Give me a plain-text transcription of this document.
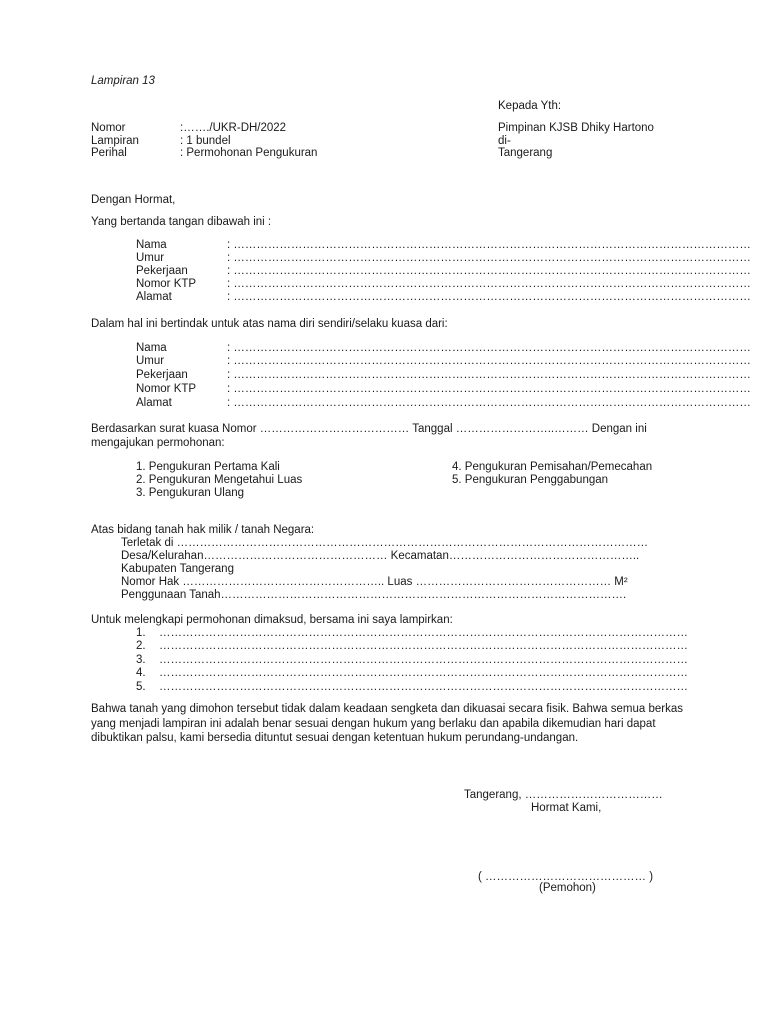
Lampiran 13
Kepada Yth:
Pimpinan KJSB Dhiky Hartono
di-
Tangerang
Nomor	:……./UKR-DH/2022
Lampiran	: 1 bundel
Perihal	: Permohonan Pengukuran
Dengan Hormat,
Yang bertanda tangan dibawah ini :
Nama	: ………………………………………………………………………………………………………………………
Umur	: ………………………………………………………………………………………………………………………
Pekerjaan	: ………………………………………………………………………………………………………………………
Nomor KTP	: ………………………………………………………………………………………………………………………
Alamat	: ………………………………………………………………………………………………………………………
Dalam hal ini bertindak untuk atas nama diri sendiri/selaku kuasa dari:
Nama	: ………………………………………………………………………………………………………………………
Umur	: ………………………………………………………………………………………………………………………
Pekerjaan	: ………………………………………………………………………………………………………………………
Nomor KTP	: ………………………………………………………………………………………………………………………
Alamat	: ………………………………………………………………………………………………………………………
Berdasarkan surat kuasa Nomor ………………………………… Tanggal ……………………..……… Dengan ini
mengajukan permohonan:
1. Pengukuran Pertama Kali
2. Pengukuran Mengetahui Luas
3. Pengukuran Ulang
4. Pengukuran Pemisahan/Pemecahan
5. Pengukuran Penggabungan
Atas bidang tanah hak milik / tanah Negara:
Terletak di ……………………………………………………………………………………………………………
Desa/Kelurahan………………………………………… Kecamatan…………………………………………..
Kabupaten Tangerang
Nomor Hak …………………………………………….. Luas …………………………………………… M²
Penggunaan Tanah…………………………………………………………………………………………….
Untuk melengkapi permohonan dimaksud, bersama ini saya lampirkan:
1. …………………………………………………………………………………………………………………………
2. …………………………………………………………………………………………………………………………
3. …………………………………………………………………………………………………………………………
4. …………………………………………………………………………………………………………………………
5. …………………………………………………………………………………………………………………………
Bahwa tanah yang dimohon tersebut tidak dalam keadaan sengketa dan dikuasai secara fisik. Bahwa semua berkas yang menjadi lampiran ini adalah benar sesuai dengan hukum yang berlaku dan apabila dikemudian hari dapat dibuktikan palsu, kami bersedia dituntut sesuai dengan ketentuan hukum perundang-undangan.
Tangerang, ………………………………
Hormat Kami,
( …………………………………… )
(Pemohon)
